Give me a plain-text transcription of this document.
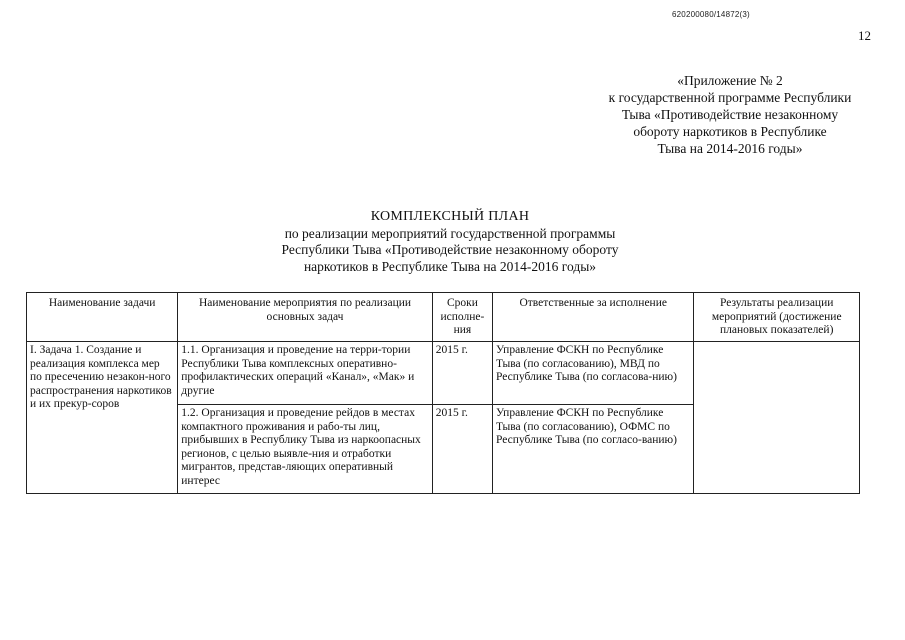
620200080/14872(3)
12
«Приложение № 2
к государственной программе Республики
Тыва «Противодействие незаконному
обороту наркотиков в Республике
Тыва на 2014-2016 годы»
КОМПЛЕКСНЫЙ ПЛАН
по реализации мероприятий государственной программы
Республики Тыва «Противодействие незаконному обороту
наркотиков в Республике Тыва на 2014-2016 годы»
Наименование задачи	Наименование мероприятия по реализации основных задач	Сроки исполне-ния	Ответственные за исполнение	Результаты реализации мероприятий (достижение плановых показателей)
I. Задача 1. Создание и реализация комплекса мер по пресечению незакон-ного распространения наркотиков и их прекур-соров	1.1. Организация и проведение на терри-тории Республики Тыва комплексных оперативно-профилактических операций «Канал», «Мак» и другие	2015 г.	Управление ФСКН по Республике Тыва (по согласованию), МВД по Республике Тыва (по согласова-нию)	
	1.2. Организация и проведение рейдов в местах компактного проживания и рабо-ты лиц, прибывших в Республику Тыва из наркоопасных регионов, с целью выявле-ния и отработки мигрантов, представ-ляющих оперативный интерес	2015 г.	Управление ФСКН по Республике Тыва (по согласованию), ОФМС по Республике Тыва (по согласо-ванию)	
